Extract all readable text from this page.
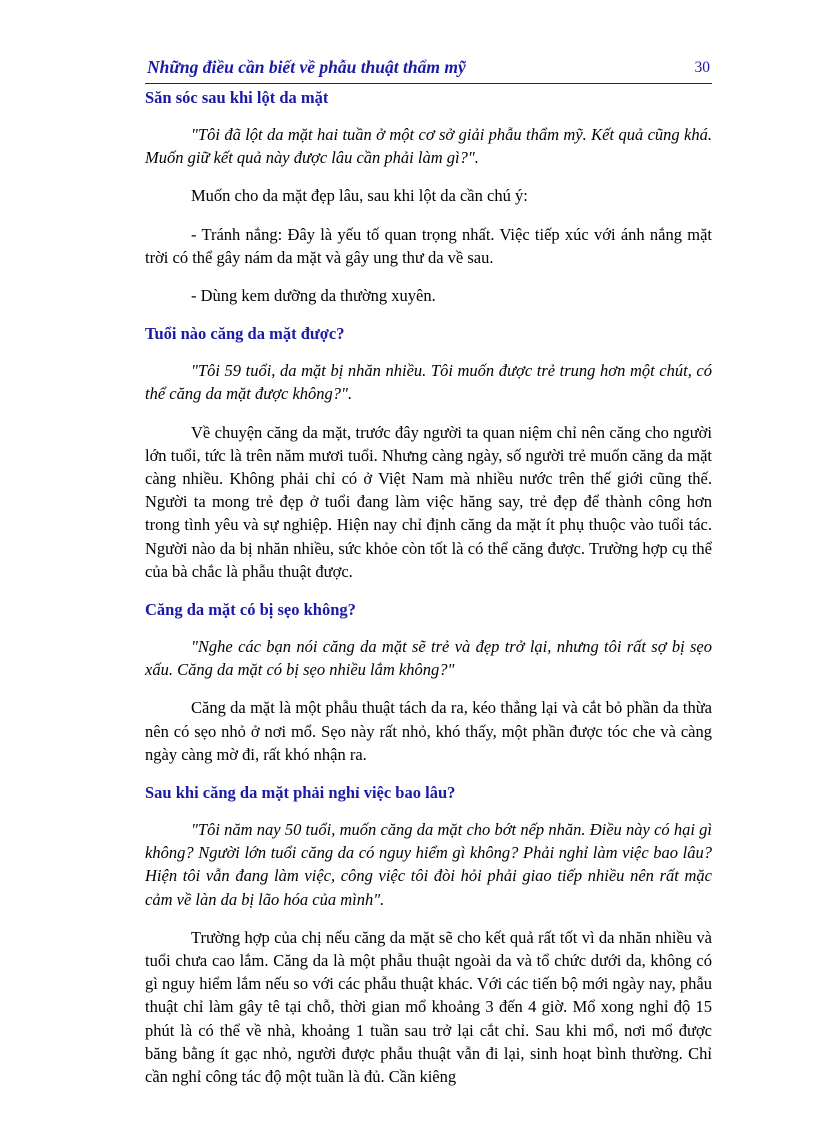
Những điều cần biết về phẫu thuật thẩm mỹ	30
Săn sóc sau khi lột da mặt

"Tôi đã lột da mặt hai tuần ở một cơ sở giải phẫu thẩm mỹ. Kết quả cũng khá. Muốn giữ kết quả này được lâu cần phải làm gì?".

Muốn cho da mặt đẹp lâu, sau khi lột da cần chú ý:

- Tránh nắng: Đây là yếu tố quan trọng nhất. Việc tiếp xúc với ánh nắng mặt trời có thể gây nám da mặt và gây ung thư da về sau.

- Dùng kem dưỡng da thường xuyên.

Tuổi nào căng da mặt được?

"Tôi 59 tuổi, da mặt bị nhăn nhiều. Tôi muốn được trẻ trung hơn một chút, có thể căng da mặt được không?".

Về chuyện căng da mặt, trước đây người ta quan niệm chỉ nên căng cho người lớn tuổi, tức là trên năm mươi tuổi. Nhưng càng ngày, số người trẻ muốn căng da mặt càng nhiều. Không phải chỉ có ở Việt Nam mà nhiều nước trên thế giới cũng thế. Người ta mong trẻ đẹp ở tuổi đang làm việc hăng say, trẻ đẹp để thành công hơn trong tình yêu và sự nghiệp. Hiện nay chỉ định căng da mặt ít phụ thuộc vào tuổi tác. Người nào da bị nhăn nhiều, sức khỏe còn tốt là có thể căng được. Trường hợp cụ thể của bà chắc là phẫu thuật được.

Căng da mặt có bị sẹo không?

"Nghe các bạn nói căng da mặt sẽ trẻ và đẹp trở lại, nhưng tôi rất sợ bị sẹo xấu. Căng da mặt có bị sẹo nhiều lắm không?"

Căng da mặt là một phẫu thuật tách da ra, kéo thẳng lại và cắt bỏ phần da thừa nên có sẹo nhỏ ở nơi mổ. Sẹo này rất nhỏ, khó thấy, một phần được tóc che và càng ngày càng mờ đi, rất khó nhận ra.

Sau khi căng da mặt phải nghỉ việc bao lâu?

"Tôi năm nay 50 tuổi, muốn căng da mặt cho bớt nếp nhăn. Điều này có hại gì không? Người lớn tuổi căng da có nguy hiểm gì không? Phải nghỉ làm việc bao lâu? Hiện tôi vẫn đang làm việc, công việc tôi đòi hỏi phải giao tiếp nhiều nên rất mặc cảm về làn da bị lão hóa của mình".

Trường hợp của chị nếu căng da mặt sẽ cho kết quả rất tốt vì da nhăn nhiều và tuổi chưa cao lắm. Căng da là một phẫu thuật ngoài da và tổ chức dưới da, không có gì nguy hiểm lắm nếu so với các phẫu thuật khác. Với các tiến bộ mới ngày nay, phẫu thuật chỉ làm gây tê tại chỗ, thời gian mổ khoảng 3 đến 4 giờ. Mổ xong nghỉ độ 15 phút là có thể về nhà, khoảng 1 tuần sau trở lại cắt chỉ. Sau khi mổ, nơi mổ được băng bằng ít gạc nhỏ, người được phẫu thuật vẫn đi lại, sinh hoạt bình thường. Chỉ cần nghỉ công tác độ một tuần là đủ. Cần kiêng
